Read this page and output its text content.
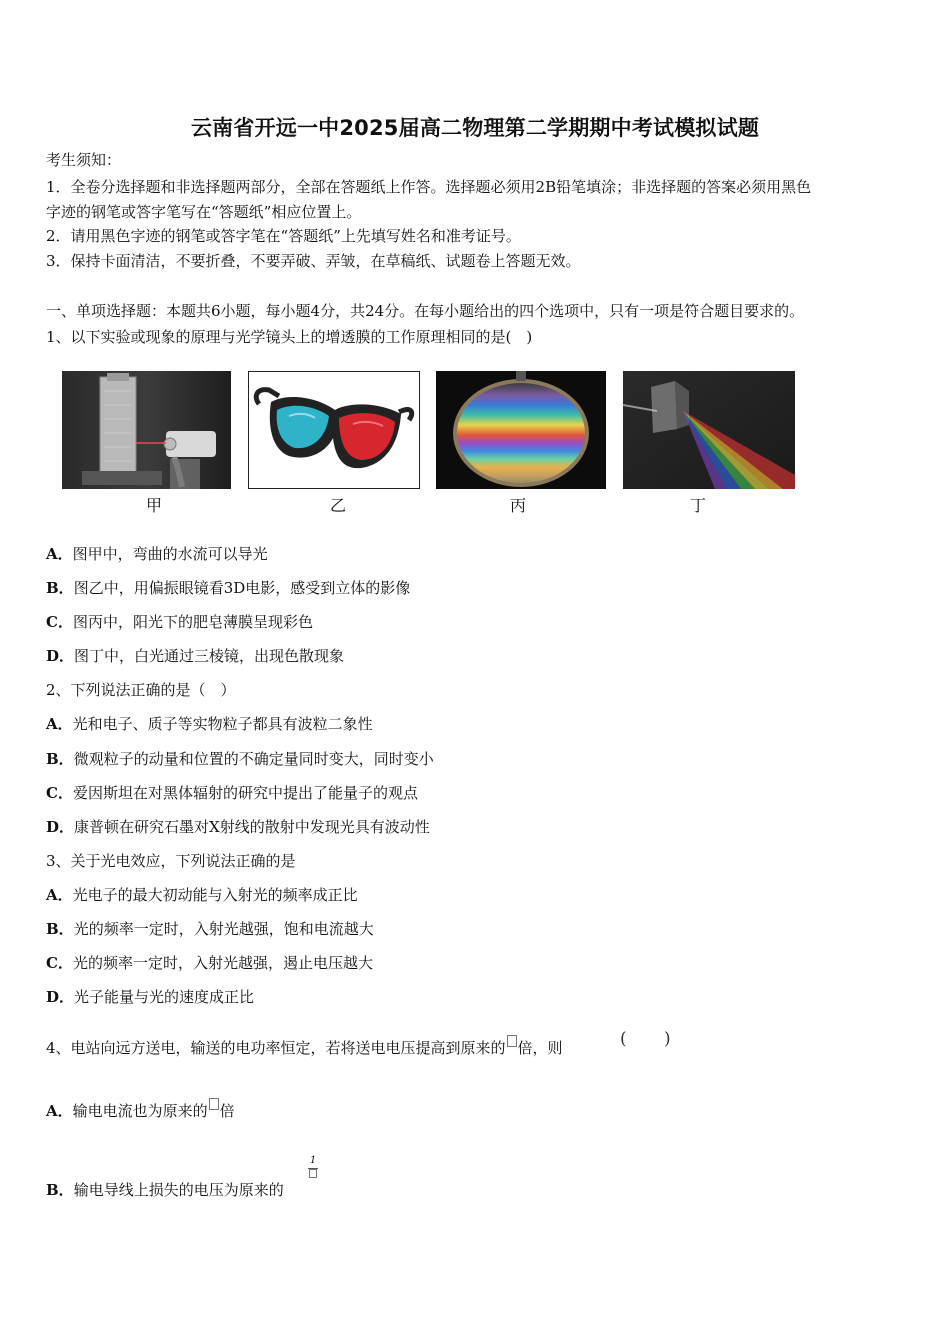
云南省开远一中2025届高二物理第二学期期中考试模拟试题
考生须知：
1．全卷分选择题和非选择题两部分，全部在答题纸上作答。选择题必须用2B铅笔填涂；非选择题的答案必须用黑色
字迹的钢笔或答字笔写在“答题纸”相应位置上。
2．请用黑色字迹的钢笔或答字笔在“答题纸”上先填写姓名和准考证号。
3．保持卡面清洁，不要折叠，不要弄破、弄皱，在草稿纸、试题卷上答题无效。
一、单项选择题：本题共6小题，每小题4分，共24分。在每小题给出的四个选项中，只有一项是符合题目要求的。
1、以下实验或现象的原理与光学镜头上的增透膜的工作原理相同的是(　)
甲	乙	丙	丁
A．图甲中，弯曲的水流可以导光
B．图乙中，用偏振眼镜看3D电影，感受到立体的影像
C．图丙中，阳光下的肥皂薄膜呈现彩色
D．图丁中，白光通过三棱镜，出现色散现象
2、下列说法正确的是（　）
A．光和电子、质子等实物粒子都具有波粒二象性
B．微观粒子的动量和位置的不确定量同时变大，同时变小
C．爱因斯坦在对黑体辐射的研究中提出了能量子的观点
D．康普顿在研究石墨对X射线的散射中发现光具有波动性
3、关于光电效应，下列说法正确的是
A．光电子的最大初动能与入射光的频率成正比
B．光的频率一定时，入射光越强，饱和电流越大
C．光的频率一定时，入射光越强，遏止电压越大
D．光子能量与光的速度成正比
4、电站向远方送电，输送的电功率恒定，若将送电电压提高到原来的 倍，则	( )
A．输电电流也为原来的 倍
B．输电导线上损失的电压为原来的
1
